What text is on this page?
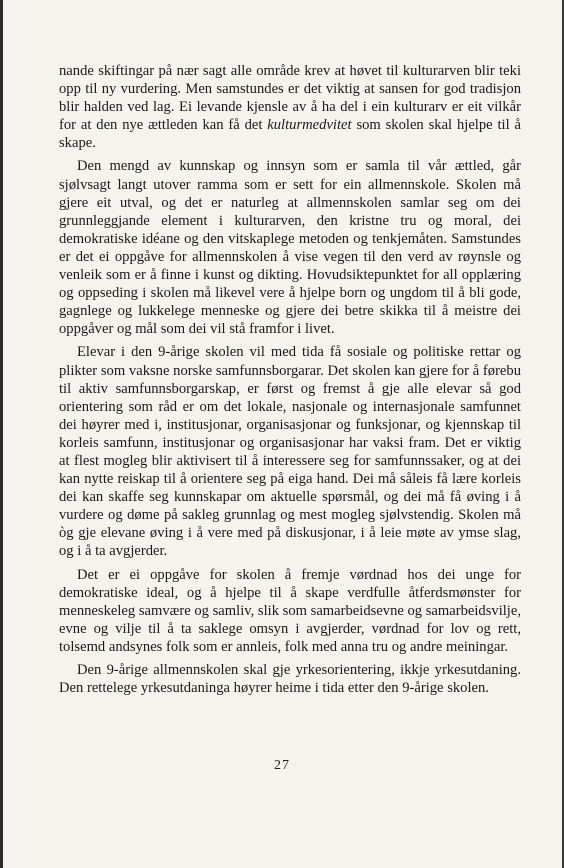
nande skiftingar på nær sagt alle område krev at høvet til kulturarven blir teki opp til ny vurdering. Men samstundes er det viktig at sansen for god tradisjon blir halden ved lag. Ei levande kjensle av å ha del i ein kulturarv er eit vilkår for at den nye ættleden kan få det kulturmedvitet som skolen skal hjelpe til å skape.

Den mengd av kunnskap og innsyn som er samla til vår ættled, går sjølvsagt langt utover ramma som er sett for ein allmennskole. Skolen må gjere eit utval, og det er naturleg at allmennskolen samlar seg om dei grunnleggjande element i kulturarven, den kristne tru og moral, dei demokratiske idéane og den vitskaplege metoden og tenkjemåten. Samstundes er det ei oppgåve for allmennskolen å vise vegen til den verd av røynsle og venleik som er å finne i kunst og dikting. Hovudsiktepunktet for all opplæring og oppseding i skolen må likevel vere å hjelpe born og ungdom til å bli gode, gagnlege og lukkelege menneske og gjere dei betre skikka til å meistre dei oppgåver og mål som dei vil stå framfor i livet.

Elevar i den 9-årige skolen vil med tida få sosiale og politiske rettar og plikter som vaksne norske samfunnsborgarar. Det skolen kan gjere for å førebu til aktiv samfunnsborgarskap, er først og fremst å gje alle elevar så god orientering som råd er om det lokale, nasjonale og internasjonale samfunnet dei høyrer med i, institusjonar, organisasjonar og funksjonar, og kjennskap til korleis samfunn, institusjonar og organisasjonar har vaksi fram. Det er viktig at flest mogleg blir aktivisert til å interessere seg for samfunnssaker, og at dei kan nytte reiskap til å orientere seg på eiga hand. Dei må såleis få lære korleis dei kan skaffe seg kunnskapar om aktuelle spørsmål, og dei må få øving i å vurdere og døme på sakleg grunnlag og mest mogleg sjølvstendig. Skolen må òg gje elevane øving i å vere med på diskusjonar, i å leie møte av ymse slag, og i å ta avgjerder.

Det er ei oppgåve for skolen å fremje vørdnad hos dei unge for demokratiske ideal, og å hjelpe til å skape verdfulle åtferdsmønster for menneskeleg samvære og samliv, slik som samarbeidsevne og samarbeidsvilje, evne og vilje til å ta saklege omsyn i avgjerder, vørdnad for lov og rett, tolsemd andsynes folk som er annleis, folk med anna tru og andre meiningar.

Den 9-årige allmennskolen skal gje yrkesorientering, ikkje yrkesutdaning. Den rettelege yrkesutdaninga høyrer heime i tida etter den 9-årige skolen.

27
